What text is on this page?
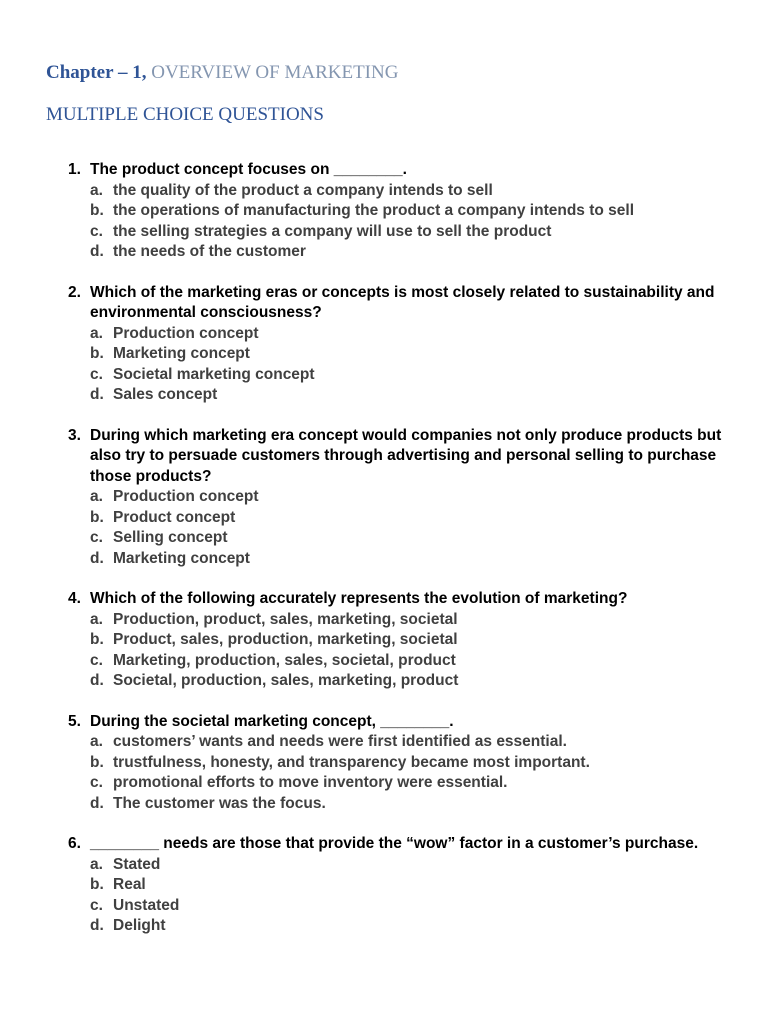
Chapter – 1, OVERVIEW OF MARKETING
MULTIPLE CHOICE QUESTIONS
1. The product concept focuses on ________.
a. the quality of the product a company intends to sell
b. the operations of manufacturing the product a company intends to sell
c. the selling strategies a company will use to sell the product
d. the needs of the customer
2. Which of the marketing eras or concepts is most closely related to sustainability and environmental consciousness?
a. Production concept
b. Marketing concept
c. Societal marketing concept
d. Sales concept
3. During which marketing era concept would companies not only produce products but also try to persuade customers through advertising and personal selling to purchase those products?
a. Production concept
b. Product concept
c. Selling concept
d. Marketing concept
4. Which of the following accurately represents the evolution of marketing?
a. Production, product, sales, marketing, societal
b. Product, sales, production, marketing, societal
c. Marketing, production, sales, societal, product
d. Societal, production, sales, marketing, product
5. During the societal marketing concept, ________.
a. customers’ wants and needs were first identified as essential.
b. trustfulness, honesty, and transparency became most important.
c. promotional efforts to move inventory were essential.
d. The customer was the focus.
6. ________ needs are those that provide the “wow” factor in a customer’s purchase.
a. Stated
b. Real
c. Unstated
d. Delight
